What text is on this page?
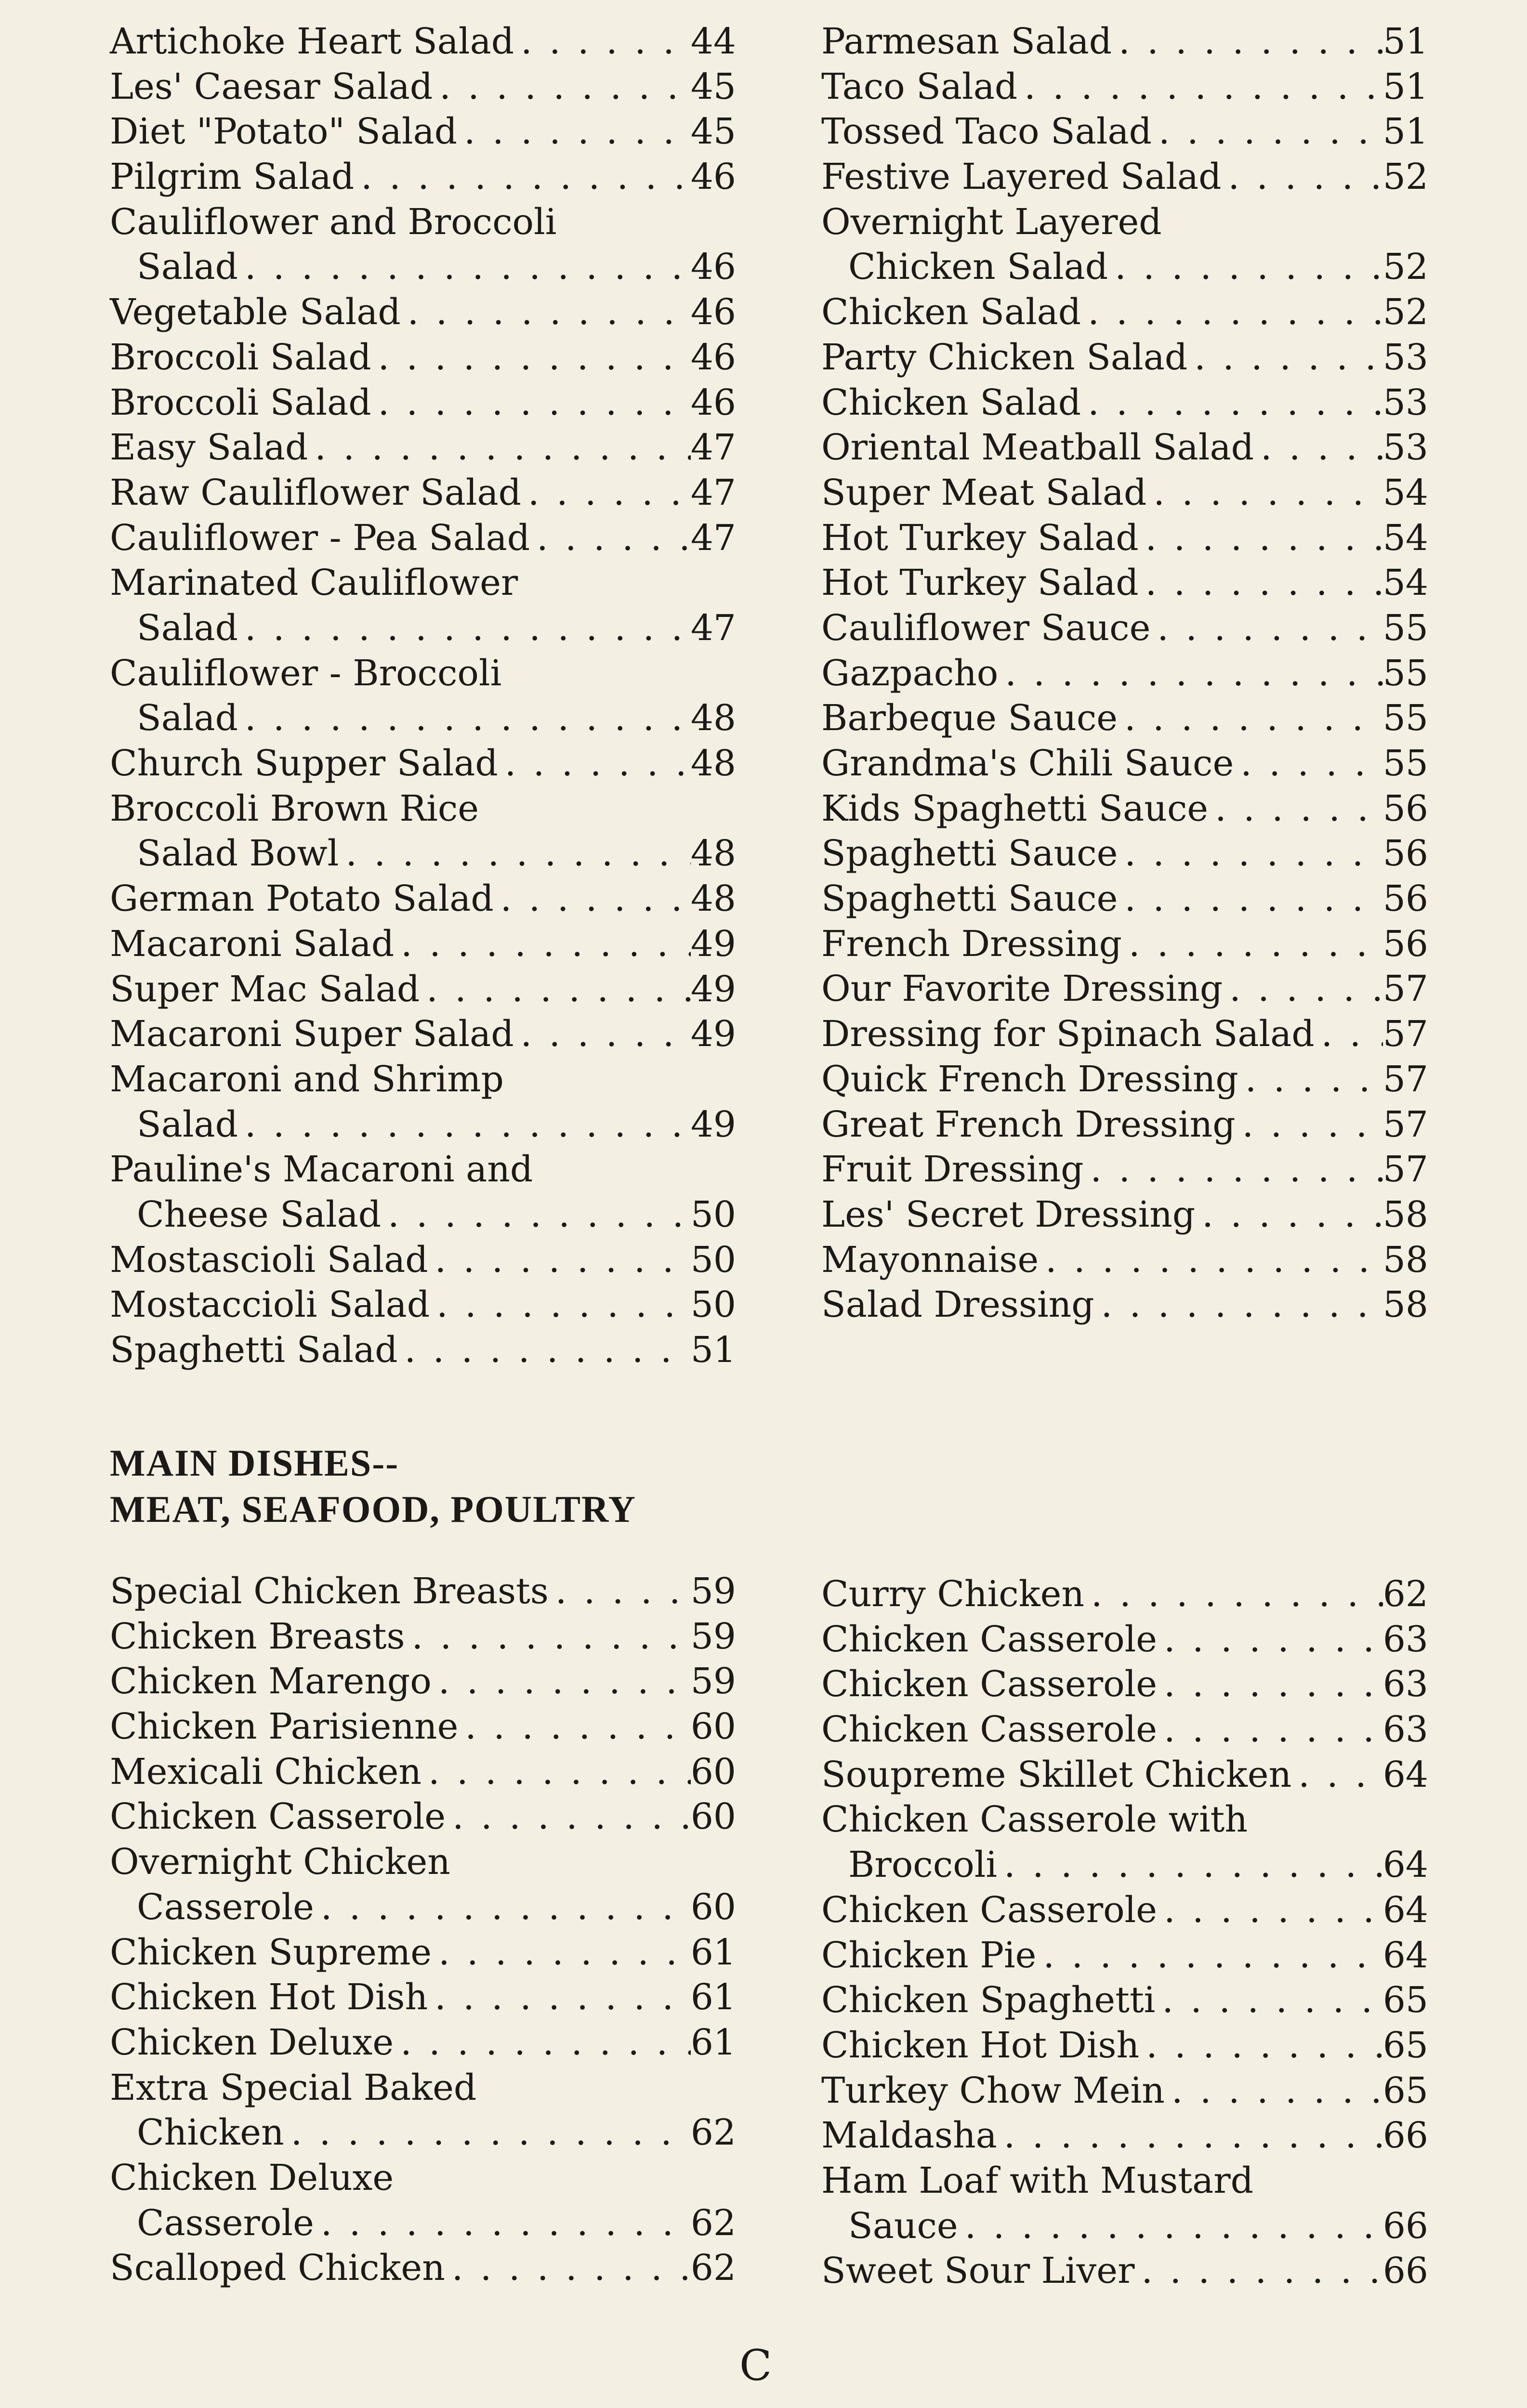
Artichoke Heart Salad . . .	44
Les' Caesar Salad . . .	45
Diet "Potato" Salad . . .	45
Pilgrim Salad . . .	46
Cauliflower and Broccoli
Salad . . .	46
Vegetable Salad . . .	46
Broccoli Salad . . .	46
Broccoli Salad . . .	46
Easy Salad . . .	47
Raw Cauliflower Salad . . .	47
Cauliflower - Pea Salad . . .	47
Marinated Cauliflower
Salad . . .	47
Cauliflower - Broccoli
Salad . . .	48
Church Supper Salad . . .	48
Broccoli Brown Rice
Salad Bowl . . .	48
German Potato Salad . . .	48
Macaroni Salad . . .	49
Super Mac Salad . . .	49
Macaroni Super Salad . . .	49
Macaroni and Shrimp
Salad . . .	49
Pauline's Macaroni and
Cheese Salad . . .	50
Mostascioli Salad . . .	50
Mostaccioli Salad . . .	50
Spaghetti Salad . . .	51
Parmesan Salad . . .	51
Taco Salad . . .	51
Tossed Taco Salad . . .	51
Festive Layered Salad . . .	52
Overnight Layered
Chicken Salad . . .	52
Chicken Salad . . .	52
Party Chicken Salad . . .	53
Chicken Salad . . .	53
Oriental Meatball Salad . . .	53
Super Meat Salad . . .	54
Hot Turkey Salad . . .	54
Hot Turkey Salad . . .	54
Cauliflower Sauce . . .	55
Gazpacho . . .	55
Barbeque Sauce . . .	55
Grandma's Chili Sauce . . .	55
Kids Spaghetti Sauce . . .	56
Spaghetti Sauce . . .	56
Spaghetti Sauce . . .	56
French Dressing . . .	56
Our Favorite Dressing . . .	57
Dressing for Spinach Salad . . . 57
Quick French Dressing . . .	57
Great French Dressing . . .	57
Fruit Dressing . . .	57
Les' Secret Dressing . . .	58
Mayonnaise . . .	58
Salad Dressing . . .	58
MAIN DISHES--
MEAT, SEAFOOD, POULTRY
Special Chicken Breasts . . .	59
Chicken Breasts . . .	59
Chicken Marengo . . .	59
Chicken Parisienne . . .	60
Mexicali Chicken . . .	60
Chicken Casserole . . .	60
Overnight Chicken
Casserole . . .	60
Chicken Supreme . . .	61
Chicken Hot Dish . . .	61
Chicken Deluxe . . .	61
Extra Special Baked
Chicken . . .	62
Chicken Deluxe
Casserole . . .	62
Scalloped Chicken . . .	62
Curry Chicken . . .	62
Chicken Casserole . . .	63
Chicken Casserole . . .	63
Chicken Casserole . . .	63
Soupreme Skillet Chicken . . .	64
Chicken Casserole with
Broccoli . . .	64
Chicken Casserole . . .	64
Chicken Pie . . .	64
Chicken Spaghetti . . .	65
Chicken Hot Dish . . .	65
Turkey Chow Mein . . .	65
Maldasha . . .	66
Ham Loaf with Mustard
Sauce . . .	66
Sweet Sour Liver . . .	66
C
